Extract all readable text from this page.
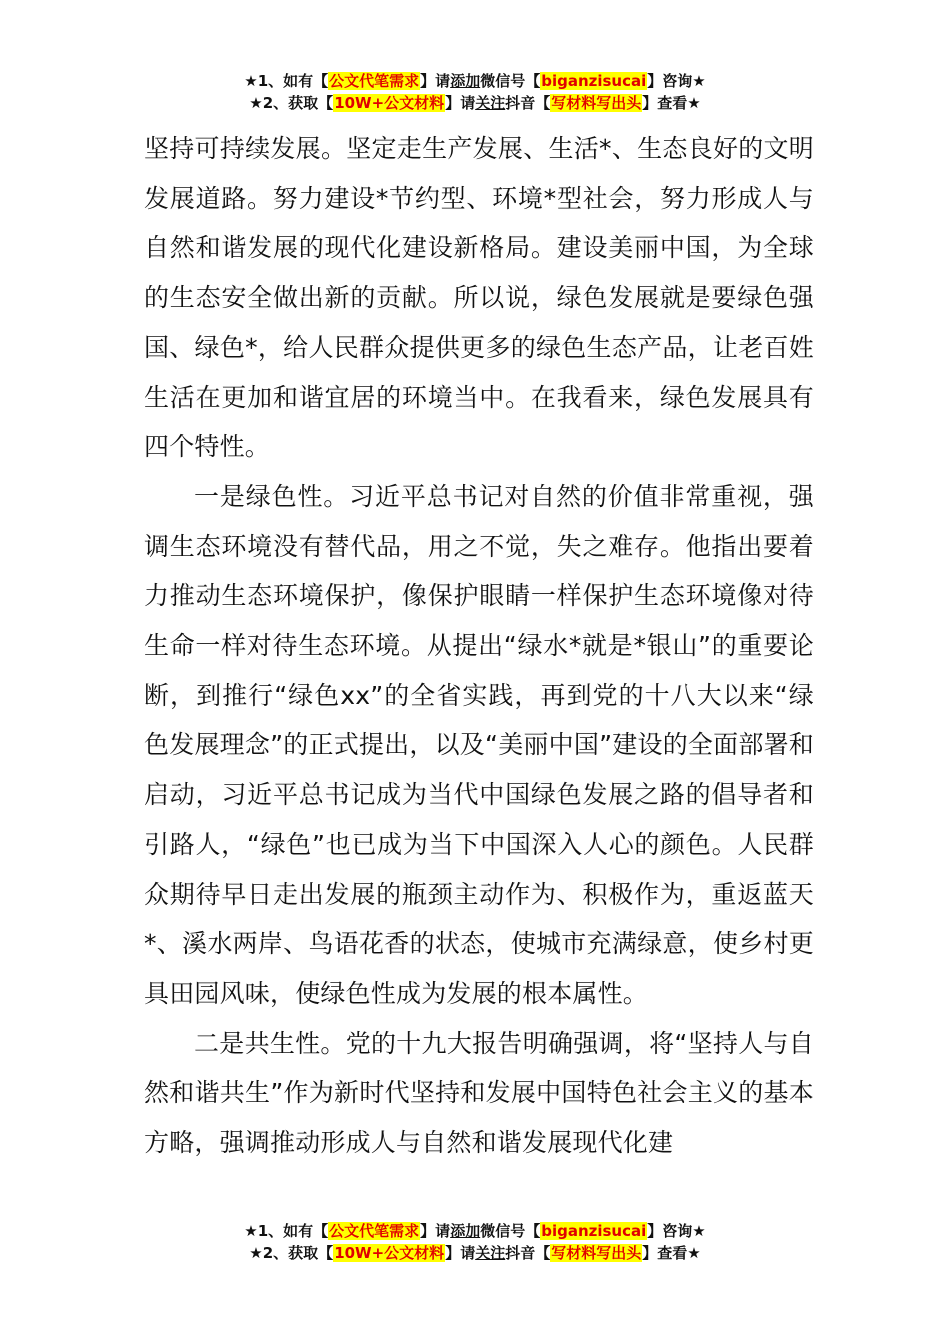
★1、如有【公文代笔需求】请添加微信号【biganzisucai】咨询★
★2、获取【10W+公文材料】请关注抖音【写材料写出头】查看★

坚持可持续发展。坚定走生产发展、生活*、生态良好的文明发展道路。努力建设*节约型、环境*型社会，努力形成人与自然和谐发展的现代化建设新格局。建设美丽中国，为全球的生态安全做出新的贡献。所以说，绿色发展就是要绿色强国、绿色*，给人民群众提供更多的绿色生态产品，让老百姓生活在更加和谐宜居的环境当中。在我看来，绿色发展具有四个特性。

一是绿色性。习近平总书记对自然的价值非常重视，强调生态环境没有替代品，用之不觉，失之难存。他指出要着力推动生态环境保护，像保护眼睛一样保护生态环境像对待生命一样对待生态环境。从提出“绿水*就是*银山”的重要论断，到推行“绿色xx”的全省实践，再到党的十八大以来“绿色发展理念”的正式提出，以及“美丽中国”建设的全面部署和启动，习近平总书记成为当代中国绿色发展之路的倡导者和引路人，“绿色”也已成为当下中国深入人心的颜色。人民群众期待早日走出发展的瓶颈主动作为、积极作为，重返蓝天*、溪水两岸、鸟语花香的状态，使城市充满绿意，使乡村更具田园风味，使绿色性成为发展的根本属性。

二是共生性。党的十九大报告明确强调，将“坚持人与自然和谐共生”作为新时代坚持和发展中国特色社会主义的基本方略，强调推动形成人与自然和谐发展现代化建

★1、如有【公文代笔需求】请添加微信号【biganzisucai】咨询★
★2、获取【10W+公文材料】请关注抖音【写材料写出头】查看★
